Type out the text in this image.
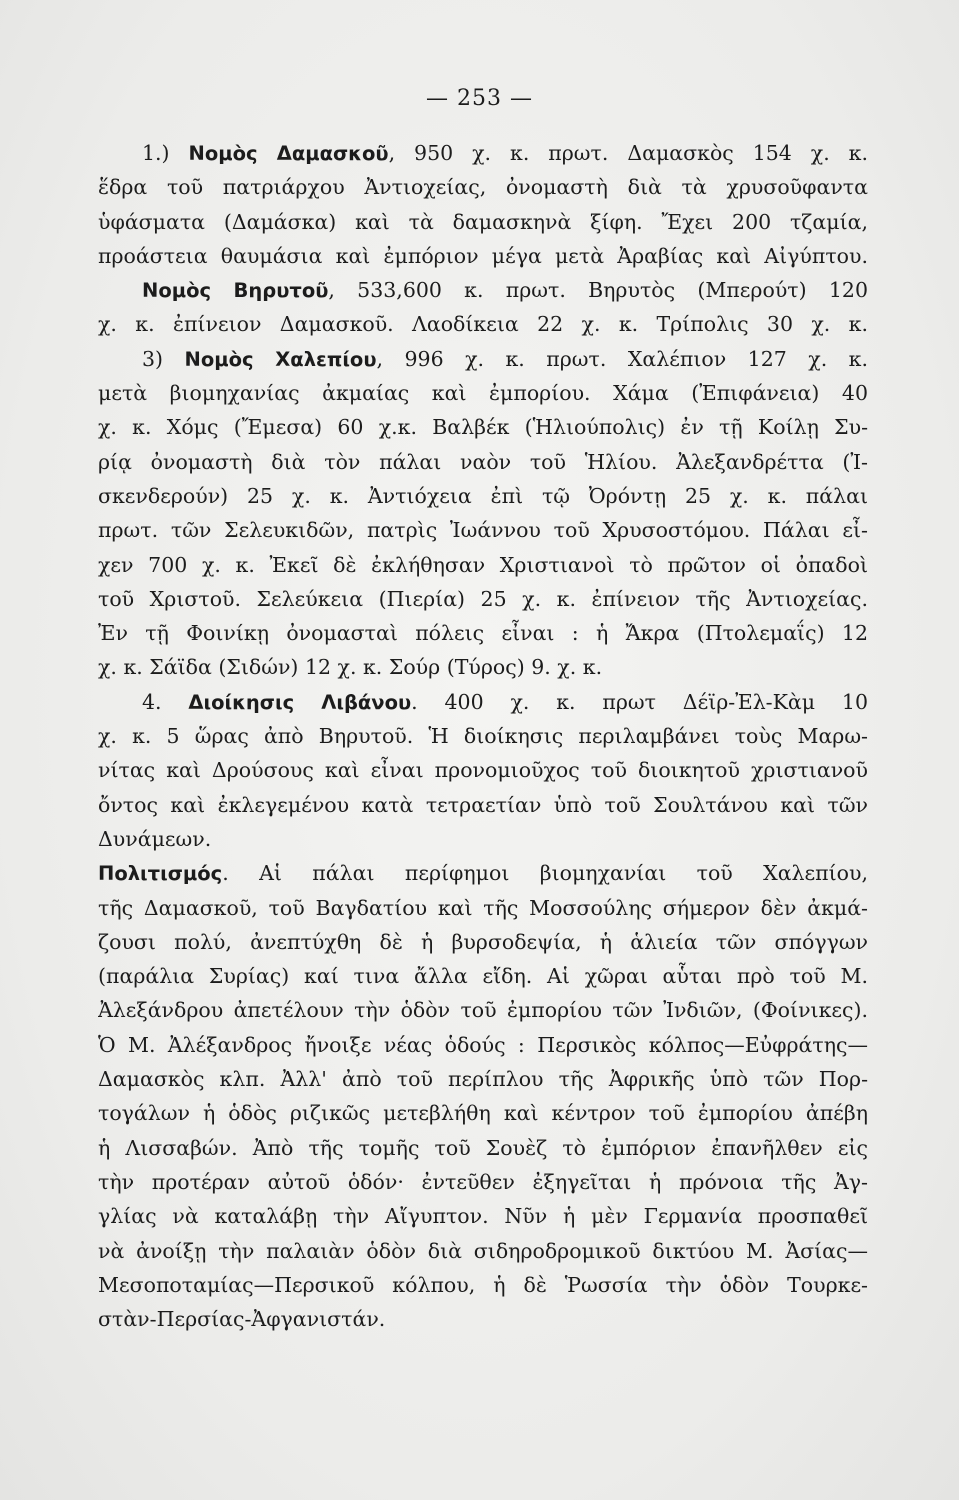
— 253 —
1.) Νομὸς Δαμασκοῦ, 950 χ. κ. πρωτ. Δαμασκὸς 154 χ. κ.
ἕδρα τοῦ πατριάρχου Ἀντιοχείας, ὀνομαστὴ διὰ τὰ χρυσοῦφαντα
ὑφάσματα (Δαμάσκα) καὶ τὰ δαμασκηνὰ ξίφη. Ἔχει 200 τζαμία,
προάστεια θαυμάσια καὶ ἐμπόριον μέγα μετὰ Ἀραβίας καὶ Αἰγύπτου.
Νομὸς Βηρυτοῦ, 533,600 κ. πρωτ. Βηρυτὸς (Μπερούτ) 120
χ. κ. ἐπίνειον Δαμασκοῦ. Λαοδίκεια 22 χ. κ. Τρίπολις 30 χ. κ.
3) Νομὸς Χαλεπίου, 996 χ. κ. πρωτ. Χαλέπιον 127 χ. κ.
μετὰ βιομηχανίας ἀκμαίας καὶ ἐμπορίου. Χάμα (Ἐπιφάνεια) 40
χ. κ. Χόμς (Ἔμεσα) 60 χ.κ. Βαλβέκ (Ἡλιούπολις) ἐν τῇ Κοίλῃ Συ-
ρίᾳ ὀνομαστὴ διὰ τὸν πάλαι ναὸν τοῦ Ἡλίου. Ἀλεξανδρέττα (Ἰ-
σκενδερούν) 25 χ. κ. Ἀντιόχεια ἐπὶ τῷ Ὀρόντῃ 25 χ. κ. πάλαι
πρωτ. τῶν Σελευκιδῶν, πατρὶς Ἰωάννου τοῦ Χρυσοστόμου. Πάλαι εἶ-
χεν 700 χ. κ. Ἐκεῖ δὲ ἐκλήθησαν Χριστιανοὶ τὸ πρῶτον οἱ ὀπαδοὶ
τοῦ Χριστοῦ. Σελεύκεια (Πιερία) 25 χ. κ. ἐπίνειον τῆς Ἀντιοχείας.
Ἐν τῇ Φοινίκῃ ὀνομασταὶ πόλεις εἶναι : ἡ Ἄκρα (Πτολεμαΐς) 12
χ. κ. Σάϊδα (Σιδών) 12 χ. κ. Σούρ (Τύρος) 9. χ. κ.
4. Διοίκησις Λιβάνου. 400 χ. κ. πρωτ Δέϊρ-Ἐλ-Κὰμ 10
χ. κ. 5 ὥρας ἀπὸ Βηρυτοῦ. Ἡ διοίκησις περιλαμβάνει τοὺς Μαρω-
νίτας καὶ Δρούσους καὶ εἶναι προνομιοῦχος τοῦ διοικητοῦ χριστιανοῦ
ὄντος καὶ ἐκλεγεμένου κατὰ τετραετίαν ὑπὸ τοῦ Σουλτάνου καὶ τῶν
Δυνάμεων.
Πολιτισμός. Αἱ πάλαι περίφημοι βιομηχανίαι τοῦ Χαλεπίου,
τῆς Δαμασκοῦ, τοῦ Βαγδατίου καὶ τῆς Μοσσούλης σήμερον δὲν ἀκμά-
ζουσι πολύ, ἀνεπτύχθη δὲ ἡ βυρσοδεψία, ἡ ἁλιεία τῶν σπόγγων
(παράλια Συρίας) καί τινα ἄλλα εἴδη. Αἱ χῶραι αὗται πρὸ τοῦ Μ.
Ἀλεξάνδρου ἀπετέλουν τὴν ὁδὸν τοῦ ἐμπορίου τῶν Ἰνδιῶν, (Φοίνικες).
Ὁ Μ. Ἀλέξανδρος ἤνοιξε νέας ὁδούς : Περσικὸς κόλπος—Εὐφράτης—
Δαμασκὸς κλπ. Ἀλλ' ἀπὸ τοῦ περίπλου τῆς Ἀφρικῆς ὑπὸ τῶν Πορ-
τογάλων ἡ ὁδὸς ριζικῶς μετεβλήθη καὶ κέντρον τοῦ ἐμπορίου ἀπέβη
ἡ Λισσαβών. Ἀπὸ τῆς τομῆς τοῦ Σουὲζ τὸ ἐμπόριον ἐπανῆλθεν εἰς
τὴν προτέραν αὐτοῦ ὁδόν· ἐντεῦθεν ἐξηγεῖται ἡ πρόνοια τῆς Ἀγ-
γλίας νὰ καταλάβῃ τὴν Αἴγυπτον. Νῦν ἡ μὲν Γερμανία προσπαθεῖ
νὰ ἀνοίξῃ τὴν παλαιὰν ὁδὸν διὰ σιδηροδρομικοῦ δικτύου Μ. Ἀσίας—
Μεσοποταμίας—Περσικοῦ κόλπου, ἡ δὲ Ῥωσσία τὴν ὁδὸν Τουρκε-
στὰν-Περσίας-Ἀφγανιστάν.
